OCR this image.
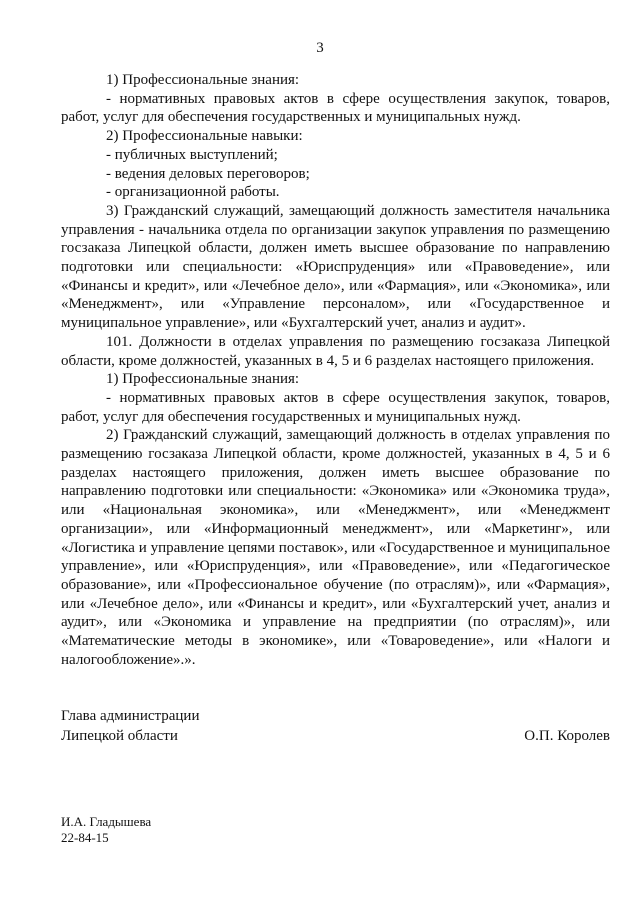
3

1) Профессиональные знания:

- нормативных правовых актов в сфере осуществления закупок, товаров, работ, услуг для обеспечения государственных и муниципальных нужд.

2) Профессиональные навыки:

- публичных выступлений;

- ведения деловых переговоров;

- организационной работы.

3) Гражданский служащий, замещающий должность заместителя начальника управления - начальника отдела по организации закупок управления по размещению госзаказа Липецкой области, должен иметь высшее образование по направлению подготовки или специальности: «Юриспруденция» или «Правоведение», или «Финансы и кредит», или «Лечебное дело», или «Фармация», или «Экономика», или «Менеджмент», или «Управление персоналом», или «Государственное и муниципальное управление», или «Бухгалтерский учет, анализ и аудит».

101. Должности в отделах управления по размещению госзаказа Липецкой области, кроме должностей, указанных в 4, 5 и 6 разделах настоящего приложения.

1) Профессиональные знания:

- нормативных правовых актов в сфере осуществления закупок, товаров, работ, услуг для обеспечения государственных и муниципальных нужд.

2) Гражданский служащий, замещающий должность в отделах управления по размещению госзаказа Липецкой области, кроме должностей, указанных в 4, 5 и 6 разделах настоящего приложения, должен иметь высшее образование по направлению подготовки или специальности: «Экономика» или «Экономика труда», или «Национальная экономика», или «Менеджмент», или «Менеджмент организации», или «Информационный менеджмент», или «Маркетинг», или «Логистика и управление цепями поставок», или «Государственное и муниципальное управление», или «Юриспруденция», или «Правоведение», или «Педагогическое образование», или «Профессиональное обучение (по отраслям)», или «Фармация», или «Лечебное дело», или «Финансы и кредит», или «Бухгалтерский учет, анализ и аудит», или «Экономика и управление на предприятии (по отраслям)», или «Математические методы в экономике», или «Товароведение», или «Налоги и налогообложение».».

Глава администрации
Липецкой области	О.П. Королев
И.А. Гладышева
22-84-15
